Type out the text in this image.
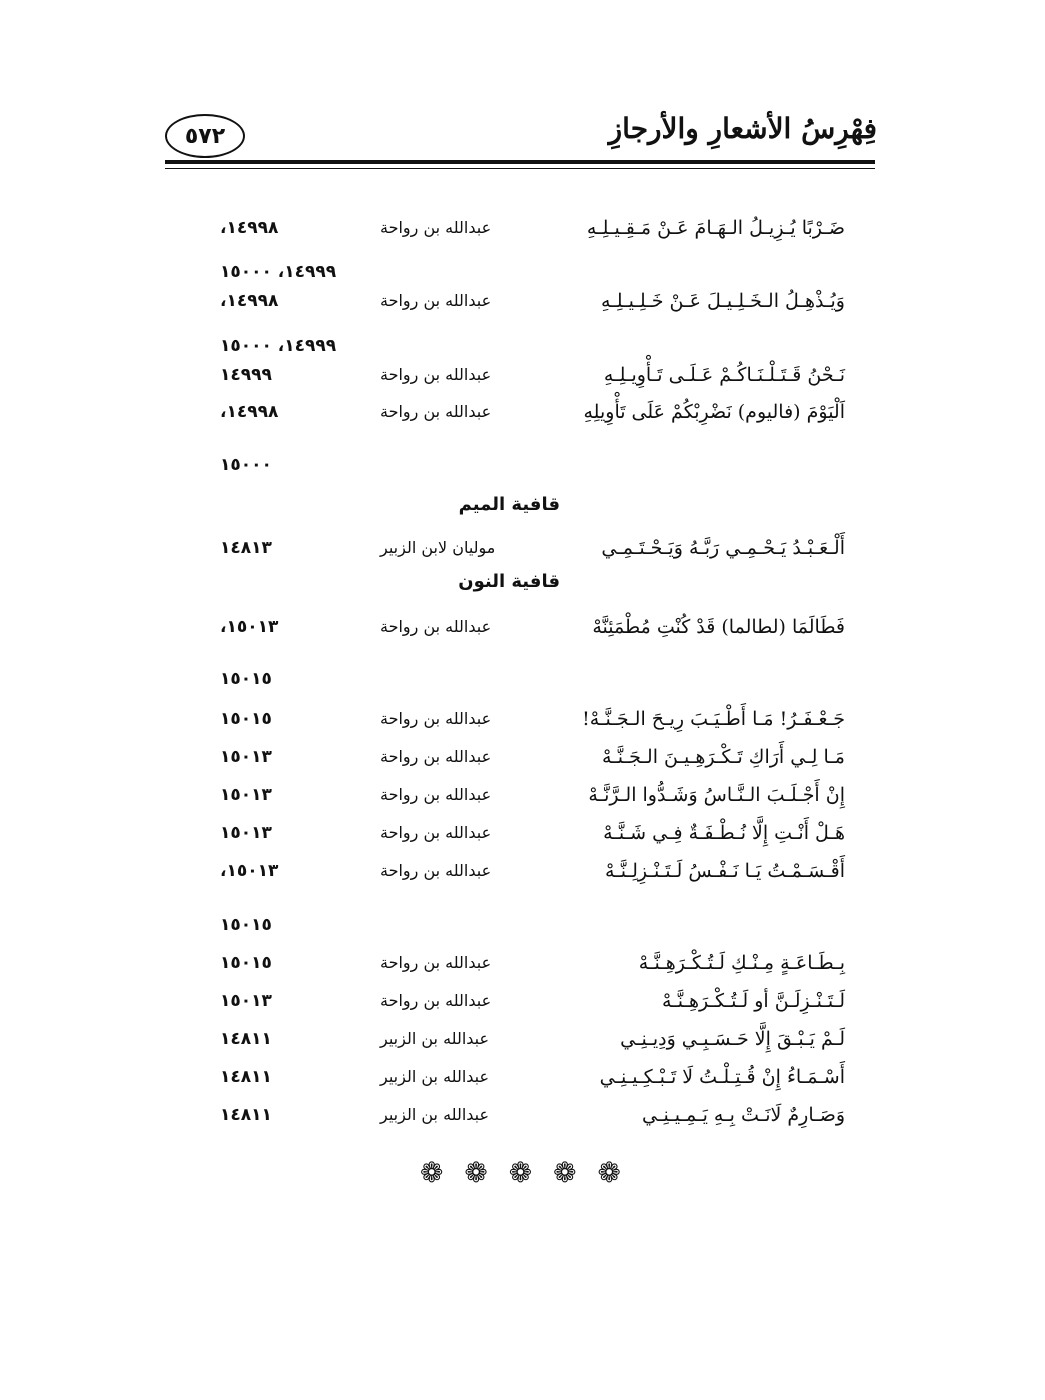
فِهْرِسُ الأشعارِ والأرجازِ
٥٧٢
ضَـرْبًا يُـزِيـلُ الـهَـامَ عَـنْ مَـقِـيـلِـهِ
عبدالله بن رواحة
١٤٩٩٨،
١٤٩٩٩، ١٥٠٠٠
وَيُـذْهِـلُ الـخَـلِـيـلَ عَـنْ خَـلِـيـلِـهِ
عبدالله بن رواحة
١٤٩٩٨،
١٤٩٩٩، ١٥٠٠٠
نَـحْنُ قَـتَـلْـنَـاكُـمْ عَـلَـى تَـأْوِيـلِـهِ
عبدالله بن رواحة
١٤٩٩٩
اَلْيَوْمَ (فاليوم) نَضْرِبْكُمْ عَلَى تَأْوِيلِهِ
عبدالله بن رواحة
١٤٩٩٨،
١٥٠٠٠
قافية الميم
أَلْـعَـبْـدُ يَـحْـمِـي رَبَّـهُ وَيَـحْـتَـمِـي
موليان لابن الزبير
١٤٨١٣
قافية النون
فَطَالَمَا (لطالما) قَدْ كُنْتِ مُطْمَئِنَّهْ
عبدالله بن رواحة
١٥٠١٣،
١٥٠١٥
جَـعْـفَـرُ! مَـا أَطْـيَـبَ رِيـحَ الـجَـنَّـهْ!
عبدالله بن رواحة
١٥٠١٥
مَـا لِـي أَرَاكِ تَـكْـرَهِـيـنَ الـجَـنَّـهْ
عبدالله بن رواحة
١٥٠١٣
إِنْ أَجْـلَـبَ الـنَّـاسُ وَشَـدُّوا الـرَّنَّـهْ
عبدالله بن رواحة
١٥٠١٣
هَـلْ أَنْـتِ إِلَّا نُـطْـفَـةٌ فِـي شَـنَّـهْ
عبدالله بن رواحة
١٥٠١٣
أَقْـسَـمْـتُ يَـا نَـفْـسُ لَـتَـنْـزِلِـنَّـهْ
عبدالله بن رواحة
١٥٠١٣،
١٥٠١٥
بِـطَـاعَـةٍ مِـنْـكِ لَـتُـكْـرَهِـنَّـهْ
عبدالله بن رواحة
١٥٠١٥
لَـتَـنْـزِلَـنَّ أو لَـتُـكْـرَهِـنَّـهْ
عبدالله بن رواحة
١٥٠١٣
لَـمْ يَـبْـقَ إِلَّا حَـسَـبِـي وَدِيـنِـي
عبدالله بن الزبير
١٤٨١١
أَسْـمَـاءُ إِنْ قُـتِـلْـتُ لَا تَـبْـكِـيـنِـي
عبدالله بن الزبير
١٤٨١١
وَصَـارِمٌ لَانَـتْ بِـهِ يَـمِـيـنِـي
عبدالله بن الزبير
١٤٨١١
❁ ❁ ❁ ❁ ❁
